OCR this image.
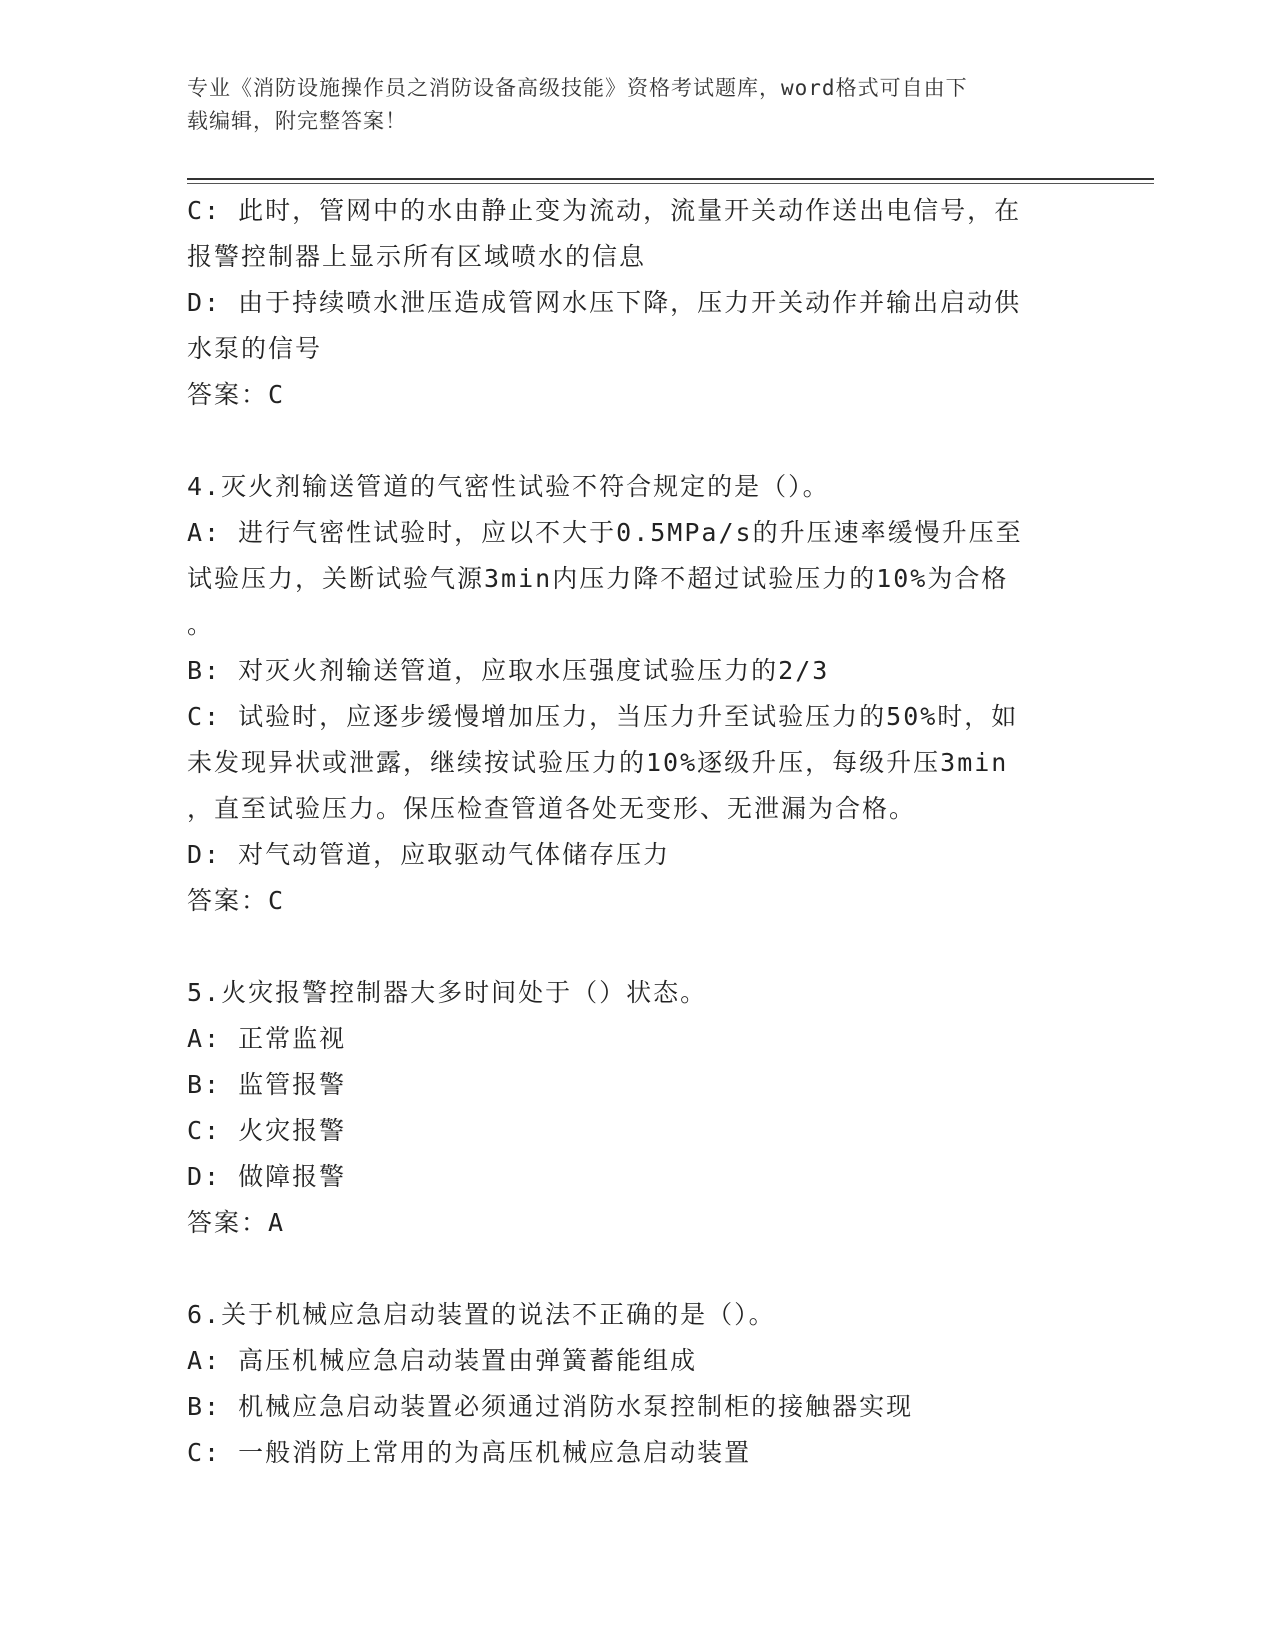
专业《消防设施操作员之消防设备高级技能》资格考试题库，word格式可自由下
载编辑，附完整答案！
C: 此时，管网中的水由静止变为流动，流量开关动作送出电信号，在
报警控制器上显示所有区域喷水的信息
D: 由于持续喷水泄压造成管网水压下降，压力开关动作并输出启动供
水泵的信号
答案：C
4.灭火剂输送管道的气密性试验不符合规定的是（）。
A: 进行气密性试验时，应以不大于0.5MPa/s的升压速率缓慢升压至
试验压力，关断试验气源3min内压力降不超过试验压力的10%为合格
。
B: 对灭火剂输送管道，应取水压强度试验压力的2/3
C: 试验时，应逐步缓慢增加压力，当压力升至试验压力的50%时，如
未发现异状或泄露，继续按试验压力的10%逐级升压，每级升压3min
，直至试验压力。保压检查管道各处无变形、无泄漏为合格。
D: 对气动管道，应取驱动气体储存压力
答案：C
5.火灾报警控制器大多时间处于（）状态。
A: 正常监视
B: 监管报警
C: 火灾报警
D: 做障报警
答案：A
6.关于机械应急启动装置的说法不正确的是（）。
A: 高压机械应急启动装置由弹簧蓄能组成
B: 机械应急启动装置必须通过消防水泵控制柜的接触器实现
C: 一般消防上常用的为高压机械应急启动装置
